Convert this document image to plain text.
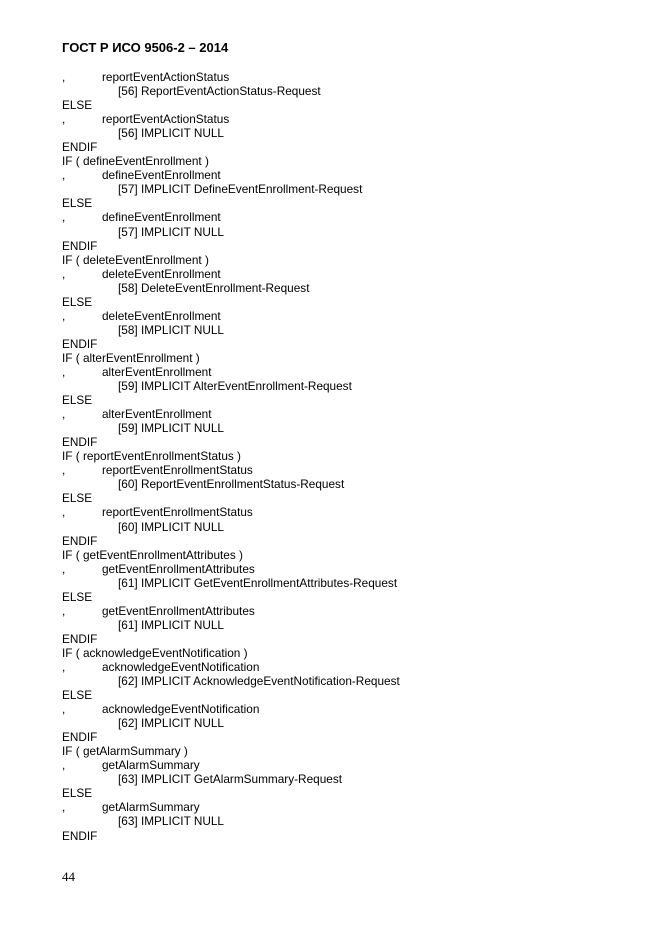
ГОСТ Р ИСО 9506-2 – 2014
,	reportEventActionStatus
[56] ReportEventActionStatus-Request
ELSE
,	reportEventActionStatus
[56] IMPLICIT NULL
ENDIF
IF ( defineEventEnrollment )
,	defineEventEnrollment
[57] IMPLICIT DefineEventEnrollment-Request
ELSE
,	defineEventEnrollment
[57] IMPLICIT NULL
ENDIF
IF ( deleteEventEnrollment )
,	deleteEventEnrollment
[58] DeleteEventEnrollment-Request
ELSE
,	deleteEventEnrollment
[58] IMPLICIT NULL
ENDIF
IF ( alterEventEnrollment )
,	alterEventEnrollment
[59] IMPLICIT AlterEventEnrollment-Request
ELSE
,	alterEventEnrollment
[59] IMPLICIT NULL
ENDIF
IF ( reportEventEnrollmentStatus )
,	reportEventEnrollmentStatus
[60] ReportEventEnrollmentStatus-Request
ELSE
,	reportEventEnrollmentStatus
[60] IMPLICIT NULL
ENDIF
IF ( getEventEnrollmentAttributes )
,	getEventEnrollmentAttributes
[61] IMPLICIT GetEventEnrollmentAttributes-Request
ELSE
,	getEventEnrollmentAttributes
[61] IMPLICIT NULL
ENDIF
IF ( acknowledgeEventNotification )
,	acknowledgeEventNotification
[62] IMPLICIT AcknowledgeEventNotification-Request
ELSE
,	acknowledgeEventNotification
[62] IMPLICIT NULL
ENDIF
IF ( getAlarmSummary )
,	getAlarmSummary
[63] IMPLICIT GetAlarmSummary-Request
ELSE
,	getAlarmSummary
[63] IMPLICIT NULL
ENDIF
44
